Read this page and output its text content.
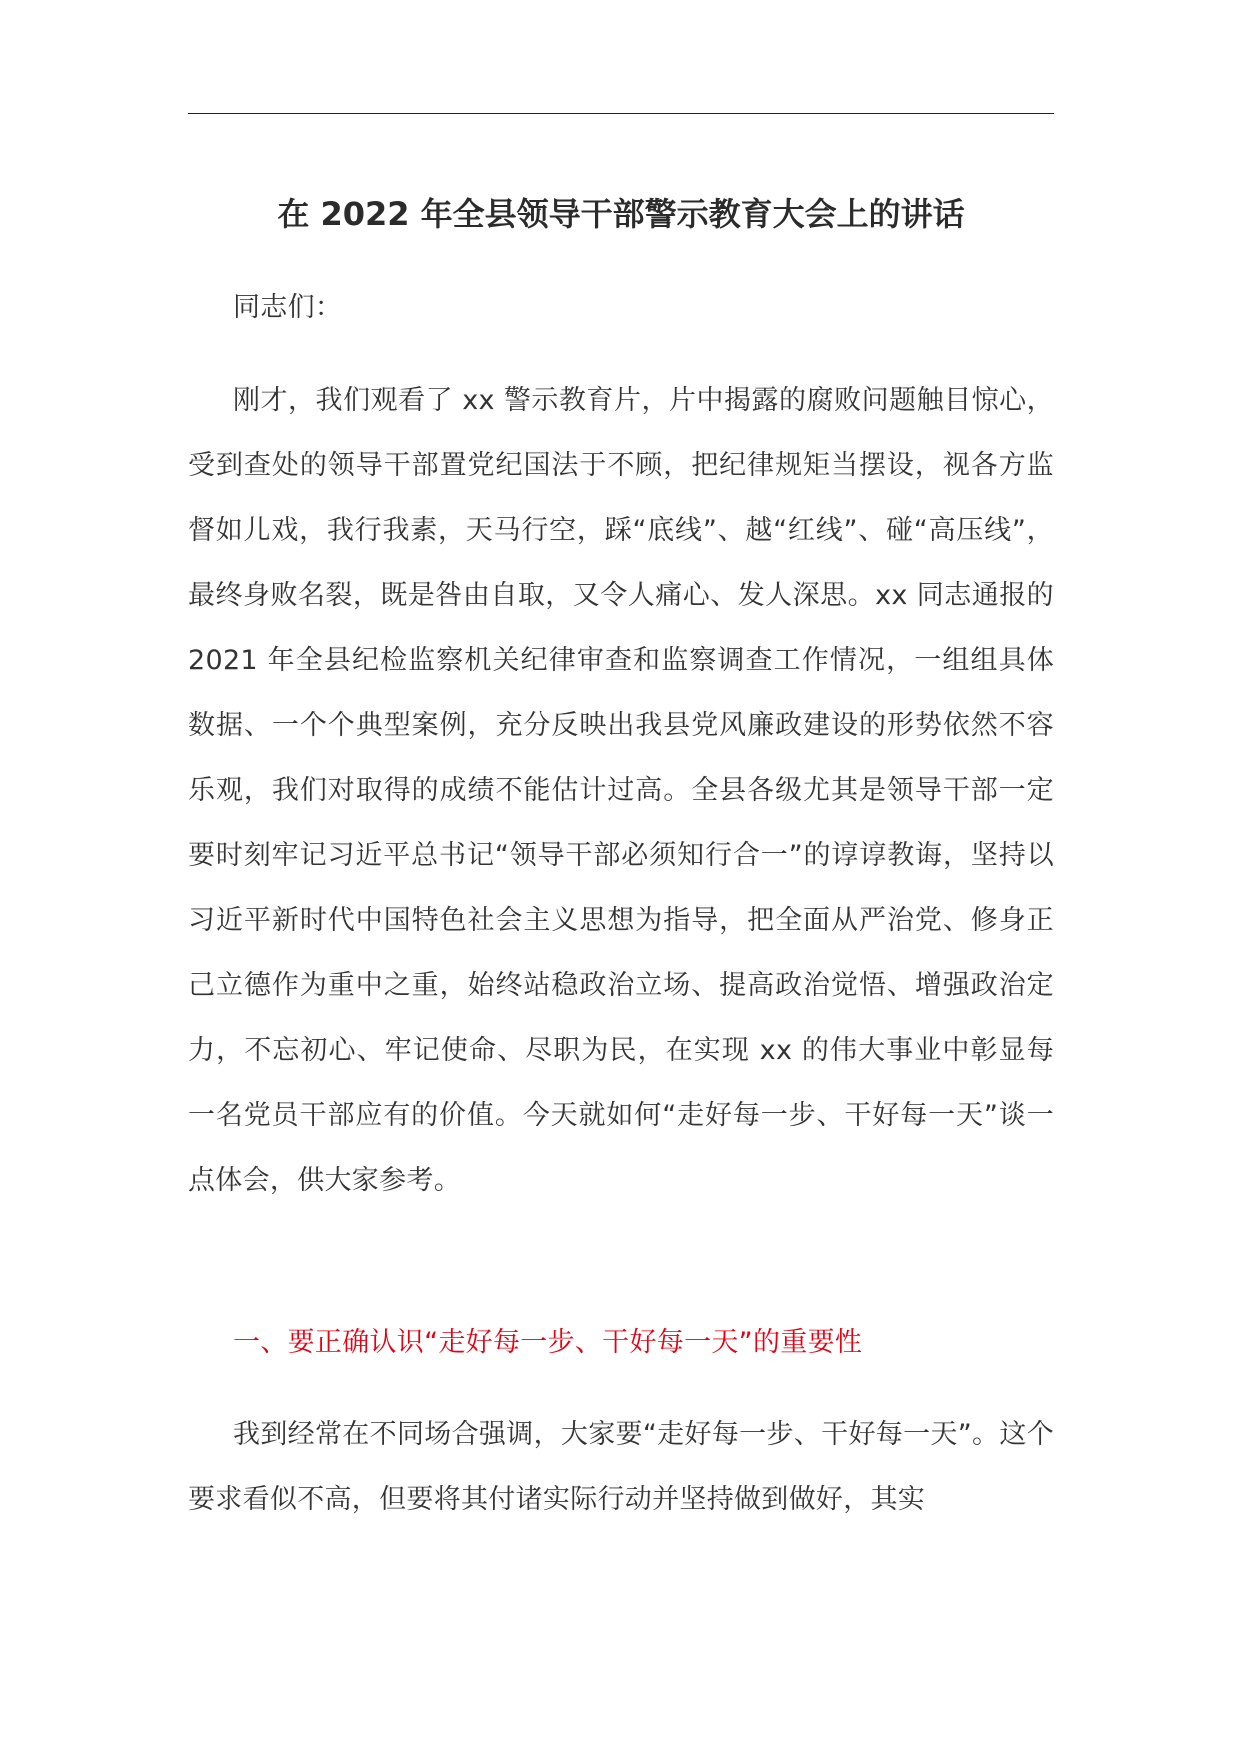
在 2022 年全县领导干部警示教育大会上的讲话

同志们：

刚才，我们观看了 xx 警示教育片，片中揭露的腐败问题触目惊心，受到查处的领导干部置党纪国法于不顾，把纪律规矩当摆设，视各方监督如儿戏，我行我素，天马行空，踩“底线”、越“红线”、碰“高压线”，最终身败名裂，既是咎由自取，又令人痛心、发人深思。xx 同志通报的 2021 年全县纪检监察机关纪律审查和监察调查工作情况，一组组具体数据、一个个典型案例，充分反映出我县党风廉政建设的形势依然不容乐观，我们对取得的成绩不能估计过高。全县各级尤其是领导干部一定要时刻牢记习近平总书记“领导干部必须知行合一”的谆谆教诲，坚持以习近平新时代中国特色社会主义思想为指导，把全面从严治党、修身正己立德作为重中之重，始终站稳政治立场、提高政治觉悟、增强政治定力，不忘初心、牢记使命、尽职为民，在实现 xx 的伟大事业中彰显每一名党员干部应有的价值。今天就如何“走好每一步、干好每一天”谈一点体会，供大家参考。

一、要正确认识“走好每一步、干好每一天”的重要性

我到经常在不同场合强调，大家要“走好每一步、干好每一天”。这个要求看似不高，但要将其付诸实际行动并坚持做到做好，其实
